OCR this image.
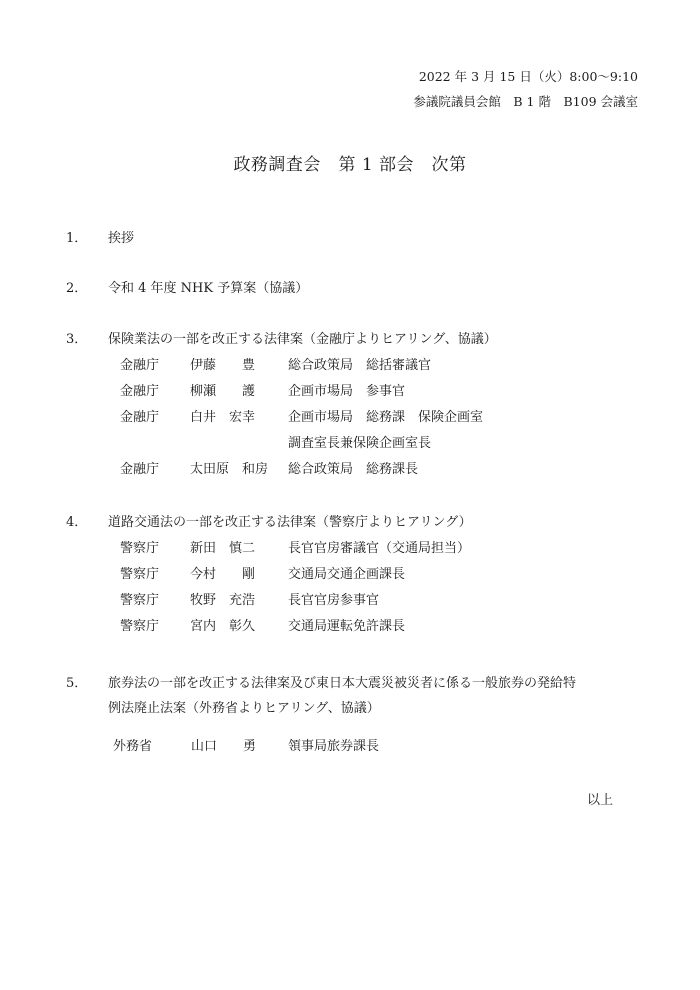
2022 年 3 月 15 日（火）8:00～9:10
参議院議員会館　B 1 階　B109 会議室
政務調査会　第 1 部会　次第
1． 挨拶
2． 令和 4 年度 NHK 予算案（協議）
3． 保険業法の一部を改正する法律案（金融庁よりヒアリング、協議）
金融庁	伊藤　　豊	総合政策局　総括審議官
金融庁	柳瀬　　護	企画市場局　参事官
金融庁	白井　宏幸	企画市場局　総務課　保険企画室
調査室長兼保険企画室長
金融庁	太田原　和房	総合政策局　総務課長
4． 道路交通法の一部を改正する法律案（警察庁よりヒアリング）
警察庁	新田　慎二	長官官房審議官（交通局担当）
警察庁	今村　　剛	交通局交通企画課長
警察庁	牧野　充浩	長官官房参事官
警察庁	宮内　彰久	交通局運転免許課長
5． 旅券法の一部を改正する法律案及び東日本大震災被災者に係る一般旅券の発給特
例法廃止法案（外務省よりヒアリング、協議）
外務省	山口　　勇	領事局旅券課長
以上
